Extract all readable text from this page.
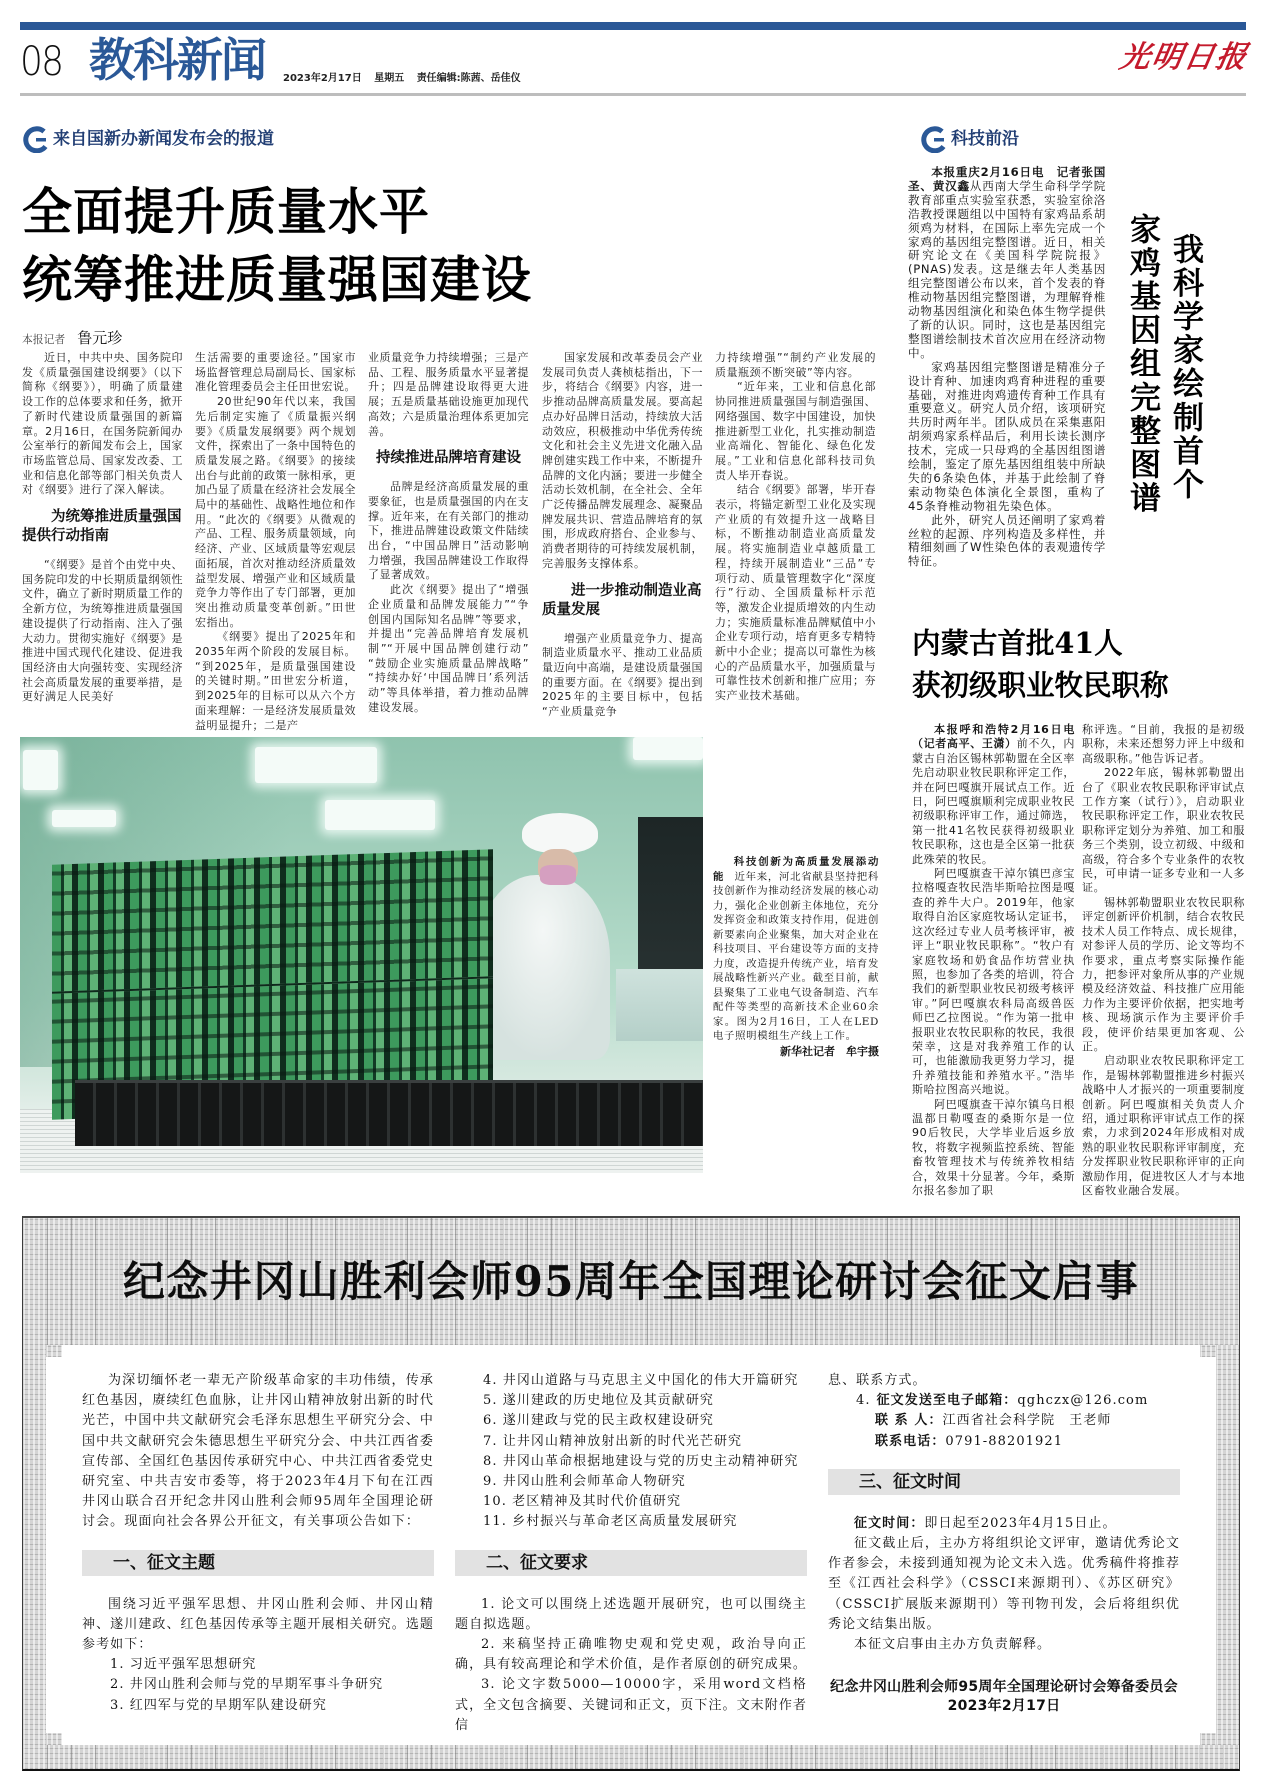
08 教科新闻 2023年2月17日 星期五 责任编辑:陈茜、岳佳仪
光明日报
来自国新办新闻发布会的报道	科技前沿
全面提升质量水平
统筹推进质量强国建设
本报记者 鲁元珍

近日，中共中央、国务院印发《质量强国建设纲要》（以下简称《纲要》），明确了质量建设工作的总体要求和任务，掀开了新时代建设质量强国的新篇章。2月16日，在国务院新闻办公室举行的新闻发布会上，国家市场监管总局、国家发改委、工业和信息化部等部门相关负责人对《纲要》进行了深入解读。

为统筹推进质量强国提供行动指南

“《纲要》是首个由党中央、国务院印发的中长期质量纲领性文件，确立了新时期质量工作的全新方位，为统筹推进质量强国建设提供了行动指南、注入了强大动力。贯彻实施好《纲要》是推进中国式现代化建设、促进我国经济由大向强转变、实现经济社会高质量发展的重要举措，是更好满足人民美好

生活需要的重要途径。”国家市场监督管理总局副局长、国家标准化管理委员会主任田世宏说。

20世纪90年代以来，我国先后制定实施了《质量振兴纲要》《质量发展纲要》两个规划文件，探索出了一条中国特色的质量发展之路。《纲要》的接续出台与此前的政策一脉相承，更加凸显了质量在经济社会发展全局中的基础性、战略性地位和作用。“此次的《纲要》从微观的产品、工程、服务质量领域，向经济、产业、区域质量等宏观层面拓展，首次对推动经济质量效益型发展、增强产业和区域质量竞争力等作出了专门部署，更加突出推动质量变革创新。”田世宏指出。

《纲要》提出了2025年和2035年两个阶段的发展目标。“到2025年，是质量强国建设的关键时期。”田世宏分析道，到2025年的目标可以从六个方面来理解：一是经济发展质量效益明显提升；二是产

业质量竞争力持续增强；三是产品、工程、服务质量水平显著提升；四是品牌建设取得更大进展；五是质量基础设施更加现代高效；六是质量治理体系更加完善。

持续推进品牌培育建设

品牌是经济高质量发展的重要象征，也是质量强国的内在支撑。近年来，在有关部门的推动下，推进品牌建设政策文件陆续出台，“中国品牌日”活动影响力增强，我国品牌建设工作取得了显著成效。

此次《纲要》提出了“增强企业质量和品牌发展能力”“争创国内国际知名品牌”等要求，并提出“完善品牌培育发展机制”“开展中国品牌创建行动”“鼓励企业实施质量品牌战略”“持续办好‘中国品牌日’系列活动”等具体举措，着力推动品牌建设发展。

国家发展和改革委员会产业发展司负责人龚桢梽指出，下一步，将结合《纲要》内容，进一步推动品牌高质量发展。要高起点办好品牌日活动，持续放大活动效应，积极推动中华优秀传统文化和社会主义先进文化融入品牌创建实践工作中来，不断提升品牌的文化内涵；要进一步健全活动长效机制，在全社会、全年广泛传播品牌发展理念、凝聚品牌发展共识、营造品牌培育的氛围，形成政府搭台、企业参与、消费者期待的可持续发展机制，完善服务支撑体系。

进一步推动制造业高质量发展

增强产业质量竞争力、提高制造业质量水平、推动工业品质量迈向中高端，是建设质量强国的重要方面。在《纲要》提出到2025年的主要目标中，包括“产业质量竞争

力持续增强”“制约产业发展的质量瓶颈不断突破”等内容。

“近年来，工业和信息化部协同推进质量强国与制造强国、网络强国、数字中国建设，加快推进新型工业化，扎实推动制造业高端化、智能化、绿色化发展。”工业和信息化部科技司负责人毕开春说。

结合《纲要》部署，毕开春表示，将锚定新型工业化及实现产业质的有效提升这一战略目标，不断推动制造业高质量发展。将实施制造业卓越质量工程，持续开展制造业“三品”专项行动、质量管理数字化“深度行”行动、全国质量标杆示范等，激发企业提质增效的内生动力；实施质量标准品牌赋值中小企业专项行动，培育更多专精特新中小企业；提高以可靠性为核心的产品质量水平，加强质量与可靠性技术创新和推广应用；夯实产业技术基础。

本报重庆2月16日电　记者张国圣、黄汉鑫从西南大学生命科学学院教育部重点实验室获悉，实验室徐洛浩教授课题组以中国特有家鸡品系胡须鸡为材料，在国际上率先完成一个家鸡的基因组完整图谱。近日，相关研究论文在《美国科学院院报》(PNAS)发表。这是继去年人类基因组完整图谱公布以来，首个发表的脊椎动物基因组完整图谱，为理解脊椎动物基因组演化和染色体生物学提供了新的认识。同时，这也是基因组完整图谱绘制技术首次应用在经济动物中。

家鸡基因组完整图谱是精准分子设计育种、加速肉鸡育种进程的重要基础，对推进肉鸡遗传育种工作具有重要意义。研究人员介绍，该项研究共历时两年半。团队成员在采集惠阳胡须鸡家系样品后，利用长读长测序技术，完成一只母鸡的全基因组图谱绘制，鉴定了原先基因组组装中所缺失的6条染色体，并基于此绘制了脊索动物染色体演化全景图，重构了45条脊椎动物祖先染色体。

此外，研究人员还阐明了家鸡着丝粒的起源、序列构造及多样性，并精细刻画了W性染色体的表观遗传学特征。

我科学家绘制首个
家鸡基因组完整图谱
内蒙古首批41人
获初级职业牧民职称

本报呼和浩特2月16日电（记者高平、王潇）前不久，内蒙古自治区锡林郭勒盟在全区率先启动职业牧民职称评定工作，并在阿巴嘎旗开展试点工作。近日，阿巴嘎旗顺利完成职业牧民初级职称评审工作，通过筛选，第一批41名牧民获得初级职业牧民职称，这也是全区第一批获此殊荣的牧民。

阿巴嘎旗查干淖尔镇巴彦宝拉格嘎查牧民浩毕斯哈拉图是嘎查的养牛大户。2019年，他家取得自治区家庭牧场认定证书，这次经过专业人员考核评审，被评上“职业牧民职称”。“牧户有家庭牧场和奶食品作坊营业执照，也参加了各类的培训，符合我们的新型职业牧民初级考核评审。”阿巴嘎旗农科局高级兽医师巴乙拉图说。“作为第一批申报职业农牧民职称的牧民，我很荣幸，这是对我养殖工作的认可，也能激励我更努力学习，提升养殖技能和养殖水平。”浩毕斯哈拉图高兴地说。

阿巴嘎旗查干淖尔镇乌日根温都日勒嘎查的桑斯尔是一位90后牧民，大学毕业后返乡放牧，将数字视频监控系统、智能畜牧管理技术与传统养牧相结合，效果十分显著。今年，桑斯尔报名参加了职

称评选。“目前，我报的是初级职称，未来还想努力评上中级和高级职称。”他告诉记者。

2022年底，锡林郭勒盟出台了《职业农牧民职称评审试点工作方案（试行）》，启动职业牧民职称评定工作，职业农牧民职称评定划分为养殖、加工和服务三个类别，设立初级、中级和高级，符合多个专业条件的农牧民，可申请一证多专业和一人多证。

锡林郭勒盟职业农牧民职称评定创新评价机制，结合农牧民技术人员工作特点、成长规律，对参评人员的学历、论文等均不作要求，重点考察实际操作能力，把参评对象所从事的产业规模及经济效益、科技推广应用能力作为主要评价依据，把实地考核、现场演示作为主要评价手段，使评价结果更加客观、公正。

启动职业农牧民职称评定工作，是锡林郭勒盟推进乡村振兴战略中人才振兴的一项重要制度创新。阿巴嘎旗相关负责人介绍，通过职称评审试点工作的探索，力求到2024年形成相对成熟的职业牧民职称评审制度，充分发挥职业牧民职称评审的正向激励作用，促进牧区人才与本地区畜牧业融合发展。

科技创新为高质量发展添动能 近年来，河北省献县坚持把科技创新作为推动经济发展的核心动力，强化企业创新主体地位，充分发挥资金和政策支持作用，促进创新要素向企业聚集，加大对企业在科技项目、平台建设等方面的支持力度，改造提升传统产业，培育发展战略性新兴产业。截至目前，献县聚集了工业电气设备制造、汽车配件等类型的高新技术企业60余家。图为2月16日，工人在LED电子照明模组生产线上工作。

新华社记者　牟宇摄

纪念井冈山胜利会师95周年全国理论研讨会征文启事

为深切缅怀老一辈无产阶级革命家的丰功伟绩，传承红色基因，赓续红色血脉，让井冈山精神放射出新的时代光芒，中国中共文献研究会毛泽东思想生平研究分会、中国中共文献研究会朱德思想生平研究分会、中共江西省委宣传部、全国红色基因传承研究中心、中共江西省委党史研究室、中共吉安市委等，将于2023年4月下旬在江西井冈山联合召开纪念井冈山胜利会师95周年全国理论研讨会。现面向社会各界公开征文，有关事项公告如下：

一、征文主题

围绕习近平强军思想、井冈山胜利会师、井冈山精神、遂川建政、红色基因传承等主题开展相关研究。选题参考如下：

1. 习近平强军思想研究

2. 井冈山胜利会师与党的早期军事斗争研究

3. 红四军与党的早期军队建设研究

4. 井冈山道路与马克思主义中国化的伟大开篇研究

5. 遂川建政的历史地位及其贡献研究

6. 遂川建政与党的民主政权建设研究

7. 让井冈山精神放射出新的时代光芒研究

8. 井冈山革命根据地建设与党的历史主动精神研究

9. 井冈山胜利会师革命人物研究

10. 老区精神及其时代价值研究

11. 乡村振兴与革命老区高质量发展研究

二、征文要求

1. 论文可以围绕上述选题开展研究，也可以围绕主题自拟选题。

2. 来稿坚持正确唯物史观和党史观，政治导向正确，具有较高理论和学术价值，是作者原创的研究成果。

3. 论文字数5000—10000字，采用word文档格式，全文包含摘要、关键词和正文，页下注。文末附作者信

息、联系方式。

4. 征文发送至电子邮箱：qghczx@126.com

联 系 人：江西省社会科学院　王老师

联系电话：0791-88201921

三、征文时间

征文时间：即日起至2023年4月15日止。

征文截止后，主办方将组织论文评审，邀请优秀论文作者参会，未接到通知视为论文未入选。优秀稿件将推荐至《江西社会科学》（CSSCI来源期刊）、《苏区研究》（CSSCI扩展版来源期刊）等刊物刊发，会后将组织优秀论文结集出版。

本征文启事由主办方负责解释。

纪念井冈山胜利会师95周年全国理论研讨会筹备委员会

2023年2月17日
